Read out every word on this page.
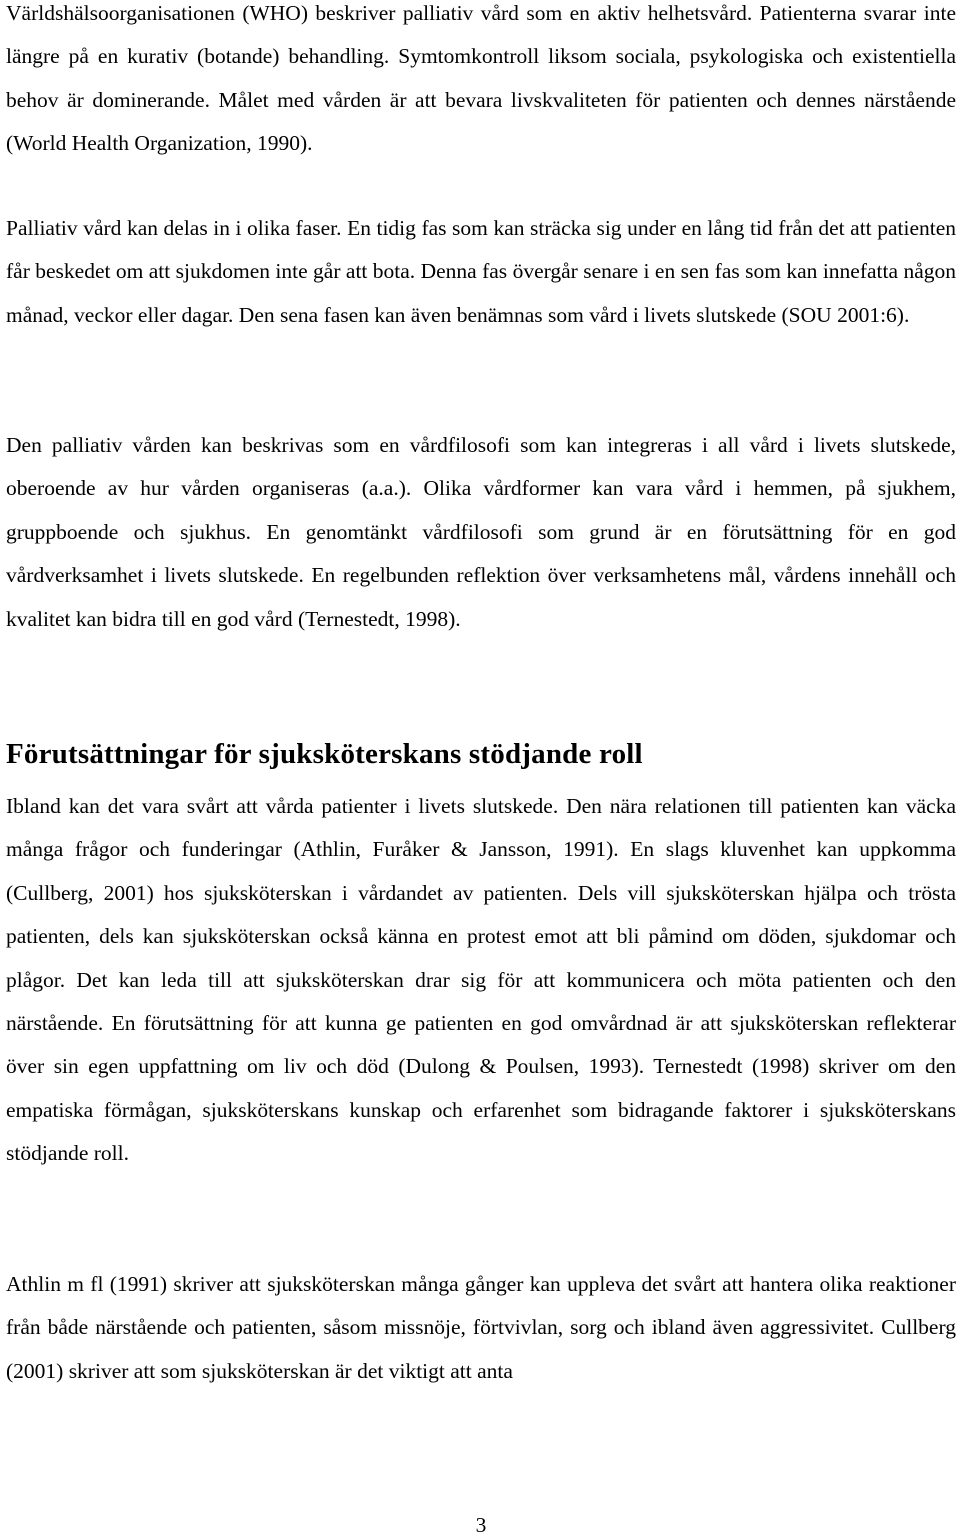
Världshälsoorganisationen (WHO) beskriver palliativ vård som en aktiv helhetsvård. Patienterna svarar inte längre på en kurativ (botande) behandling. Symtomkontroll liksom sociala, psykologiska och existentiella behov är dominerande. Målet med vården är att bevara livskvaliteten för patienten och dennes närstående (World Health Organization, 1990).

Palliativ vård kan delas in i olika faser. En tidig fas som kan sträcka sig under en lång tid från det att patienten får beskedet om att sjukdomen inte går att bota. Denna fas övergår senare i en sen fas som kan innefatta någon månad, veckor eller dagar. Den sena fasen kan även benämnas som vård i livets slutskede (SOU 2001:6).

Den palliativ vården kan beskrivas som en vårdfilosofi som kan integreras i all vård i livets slutskede, oberoende av hur vården organiseras (a.a.). Olika vårdformer kan vara vård i hemmen, på sjukhem, gruppboende och sjukhus. En genomtänkt vårdfilosofi som grund är en förutsättning för en god vårdverksamhet i livets slutskede. En regelbunden reflektion över verksamhetens mål, vårdens innehåll och kvalitet kan bidra till en god vård (Ternestedt, 1998).

Förutsättningar för sjuksköterskans stödjande roll

Ibland kan det vara svårt att vårda patienter i livets slutskede. Den nära relationen till patienten kan väcka många frågor och funderingar (Athlin, Furåker & Jansson, 1991). En slags kluvenhet kan uppkomma (Cullberg, 2001) hos sjuksköterskan i vårdandet av patienten. Dels vill sjuksköterskan hjälpa och trösta patienten, dels kan sjuksköterskan också känna en protest emot att bli påmind om döden, sjukdomar och plågor. Det kan leda till att sjuksköterskan drar sig för att kommunicera och möta patienten och den närstående. En förutsättning för att kunna ge patienten en god omvårdnad är att sjuksköterskan reflekterar över sin egen uppfattning om liv och död (Dulong & Poulsen, 1993). Ternestedt (1998) skriver om den empatiska förmågan, sjuksköterskans kunskap och erfarenhet som bidragande faktorer i sjuksköterskans stödjande roll.

Athlin m fl (1991) skriver att sjuksköterskan många gånger kan uppleva det svårt att hantera olika reaktioner från både närstående och patienten, såsom missnöje, förtvivlan, sorg och ibland även aggressivitet. Cullberg (2001) skriver att som sjuksköterskan är det viktigt att anta

3
